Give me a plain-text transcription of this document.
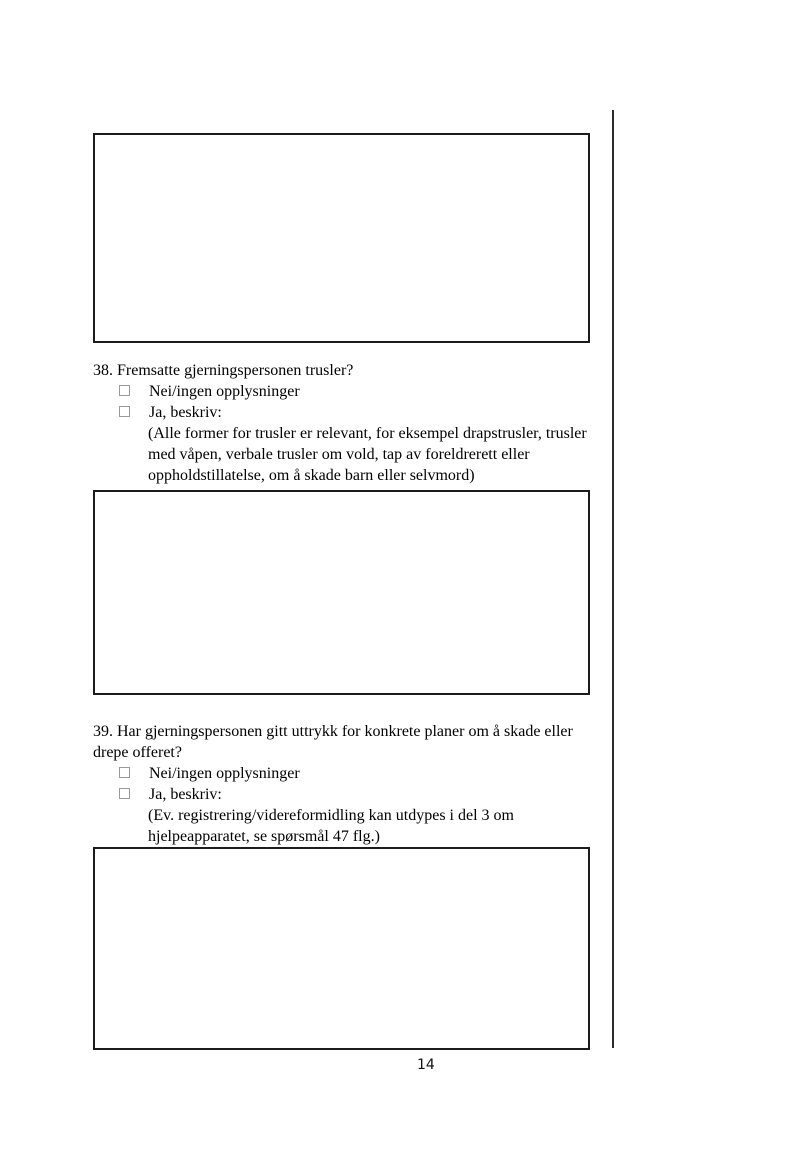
38. Fremsatte gjerningspersonen trusler?

Nei/ingen opplysninger
Ja, beskriv:

(Alle former for trusler er relevant, for eksempel drapstrusler, trusler med våpen, verbale trusler om vold, tap av foreldrerett eller oppholdstillatelse, om å skade barn eller selvmord)

39. Har gjerningspersonen gitt uttrykk for konkrete planer om å skade eller drepe offeret?

Nei/ingen opplysninger
Ja, beskriv:

(Ev. registrering/videreformidling kan utdypes i del 3 om hjelpeapparatet, se spørsmål 47 flg.)

14
